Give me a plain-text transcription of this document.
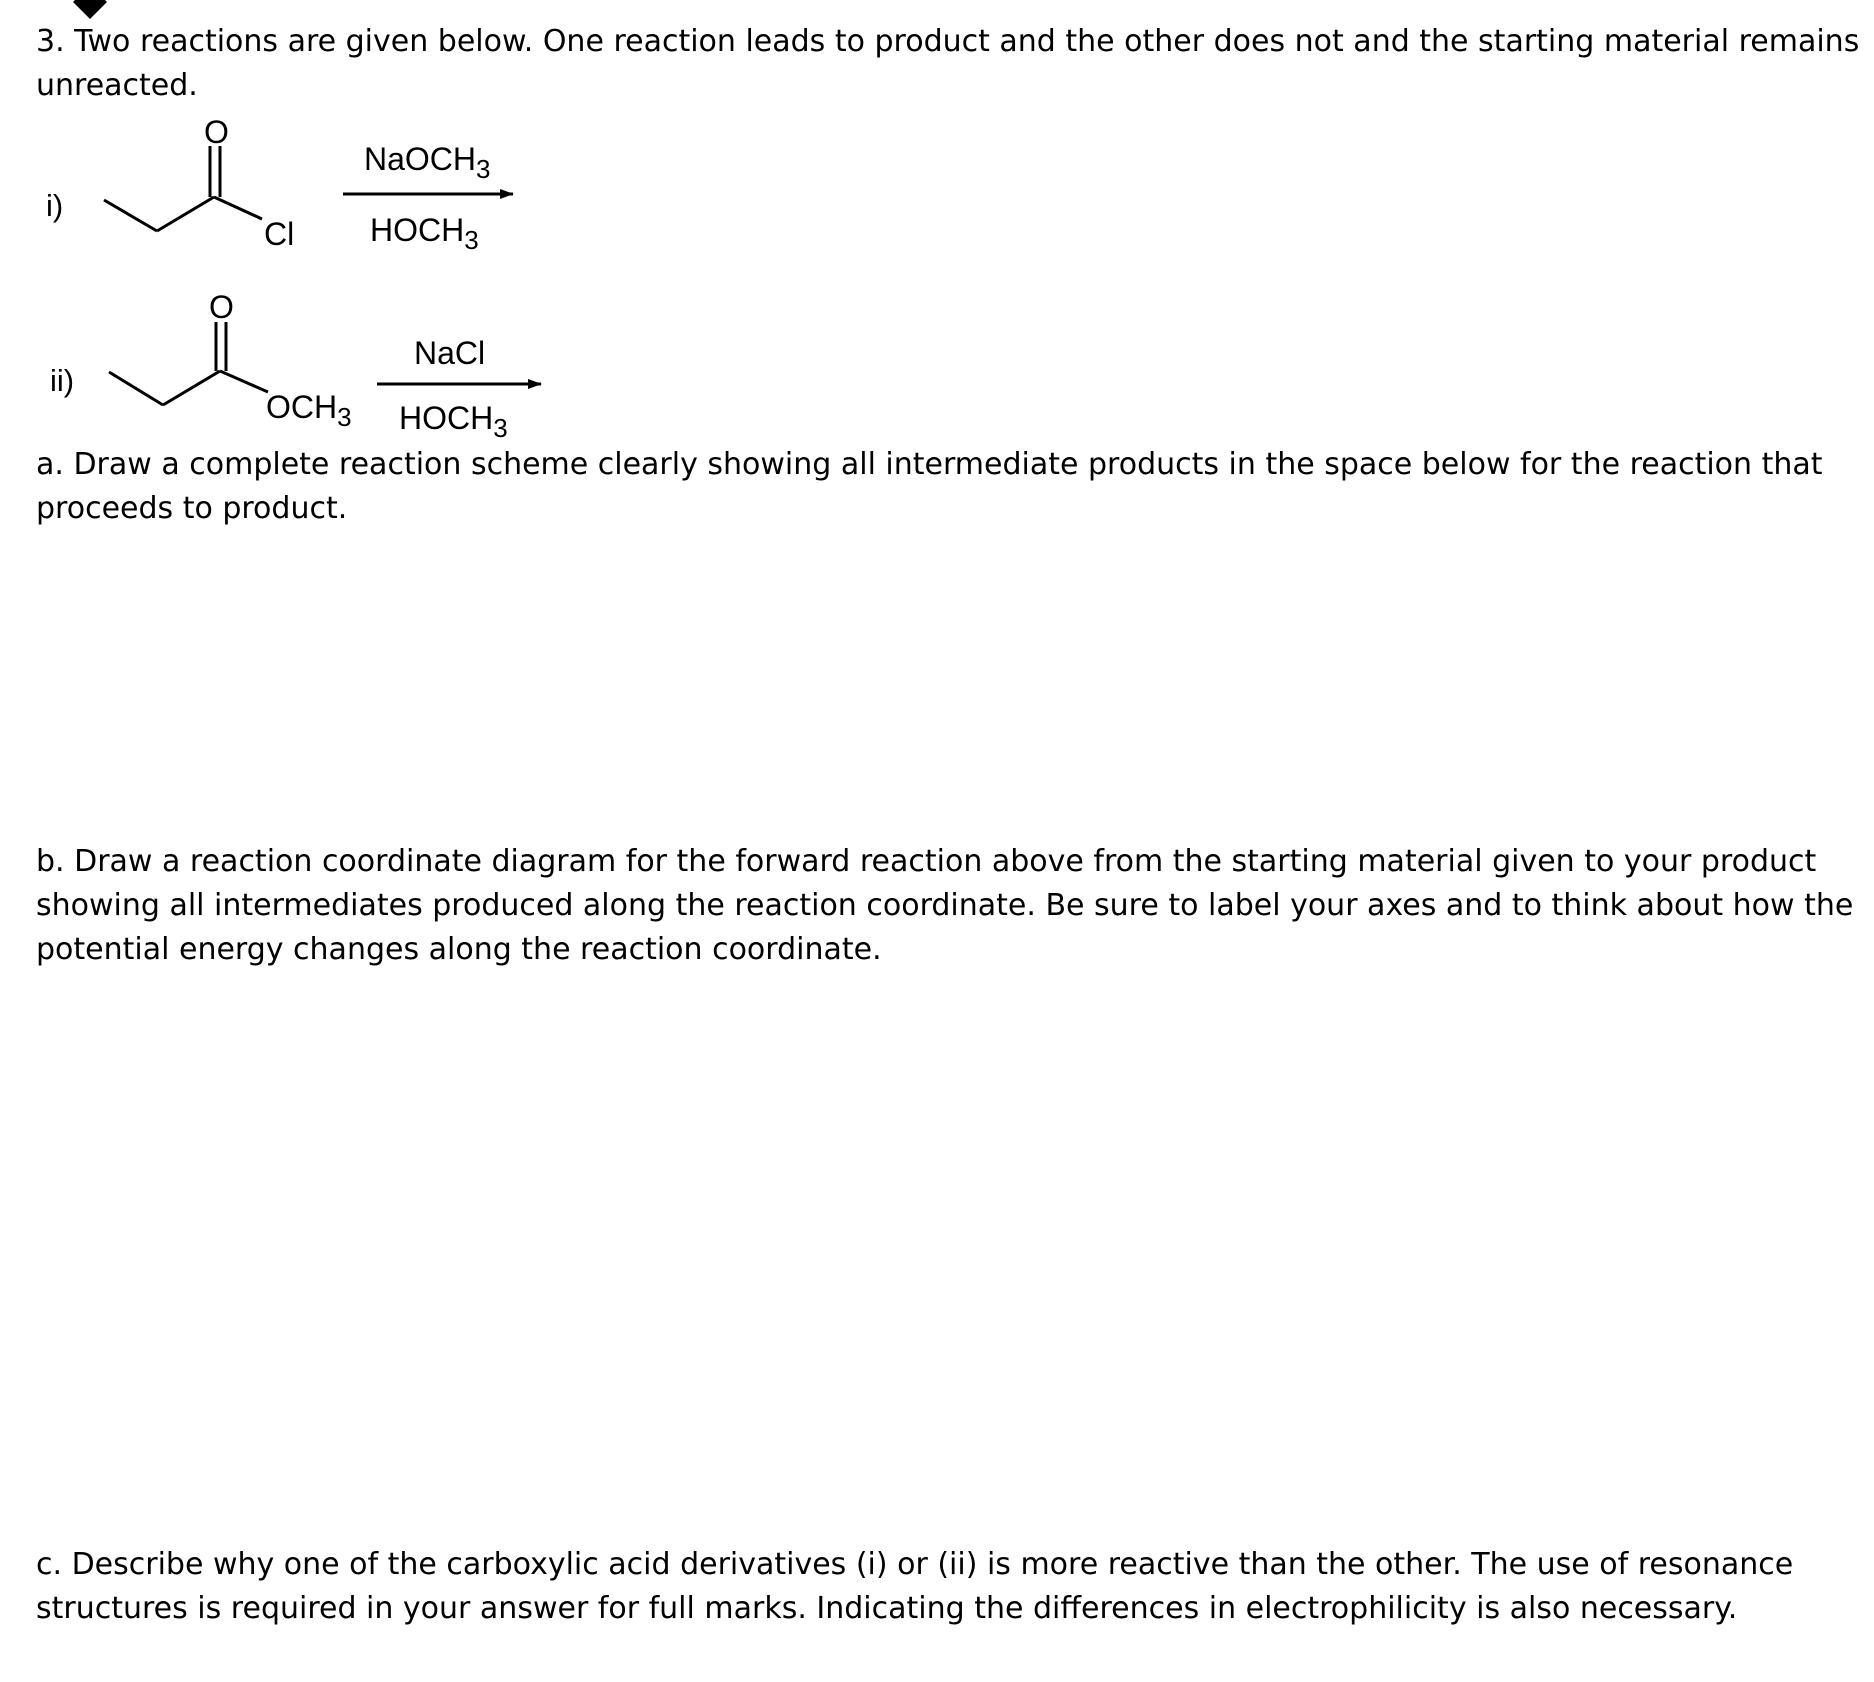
3. Two reactions are given below. One reaction leads to product and the other does not and the starting material remains
unreacted.
i)
ii)
O
Cl
NaOCH$_3$
$HOCH_3$
O
$OCH_3$
NaCl
$HOCH_3$
a. Draw a complete reaction scheme clearly showing all intermediate products in the space below for the reaction that
proceeds to product.
b. Draw a reaction coordinate diagram for the forward reaction above from the starting material given to your product
showing all intermediates produced along the reaction coordinate. Be sure to label your axes and to think about how the
potential energy changes along the reaction coordinate.
c. Describe why one of the carboxylic acid derivatives (i) or (ii) is more reactive than the other. The use of resonance
structures is required in your answer for full marks. Indicating the differences in electrophilicity is also necessary.
